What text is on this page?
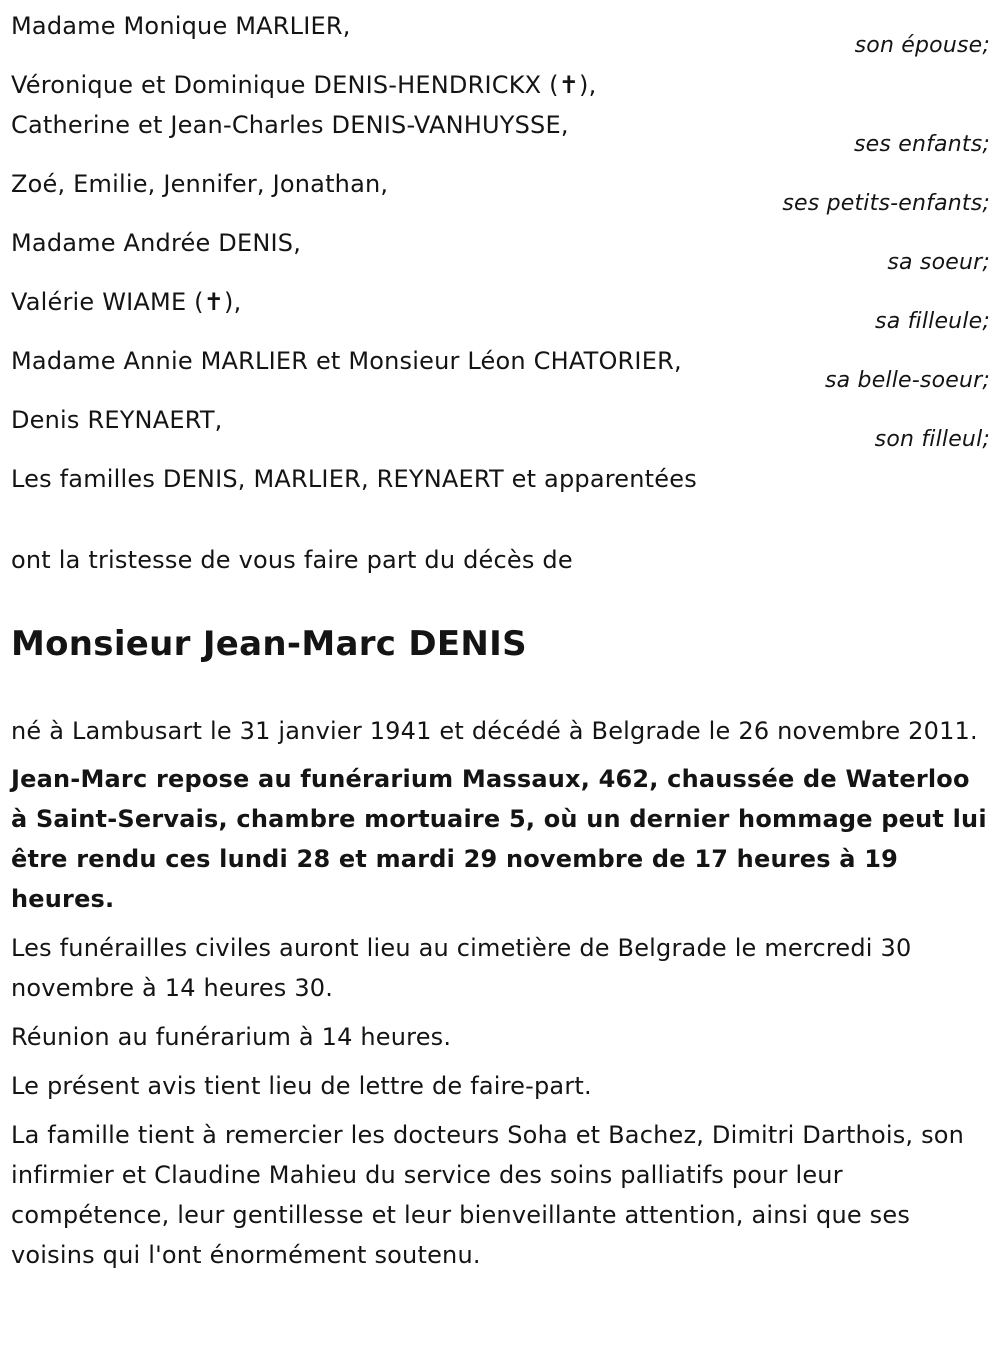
Madame Monique MARLIER,
son épouse;
Véronique et Dominique DENIS-HENDRICKX (✝),
Catherine et Jean-Charles DENIS-VANHUYSSE,
ses enfants;
Zoé, Emilie, Jennifer, Jonathan,
ses petits-enfants;
Madame Andrée DENIS,
sa soeur;
Valérie WIAME (✝),
sa filleule;
Madame Annie MARLIER et Monsieur Léon CHATORIER,
sa belle-soeur;
Denis REYNAERT,
son filleul;
Les familles DENIS, MARLIER, REYNAERT et apparentées
ont la tristesse de vous faire part du décès de
Monsieur Jean-Marc DENIS

né à Lambusart le 31 janvier 1941 et décédé à Belgrade le 26 novembre 2011.

Jean-Marc repose au funérarium Massaux, 462, chaussée de Waterloo à Saint-Servais, chambre mortuaire 5, où un dernier hommage peut lui être rendu ces lundi 28 et mardi 29 novembre de 17 heures à 19 heures.

Les funérailles civiles auront lieu au cimetière de Belgrade le mercredi 30 novembre à 14 heures 30.

Réunion au funérarium à 14 heures.

Le présent avis tient lieu de lettre de faire-part.

La famille tient à remercier les docteurs Soha et Bachez, Dimitri Darthois, son infirmier et Claudine Mahieu du service des soins palliatifs pour leur compétence, leur gentillesse et leur bienveillante attention, ainsi que ses voisins qui l'ont énormément soutenu.
